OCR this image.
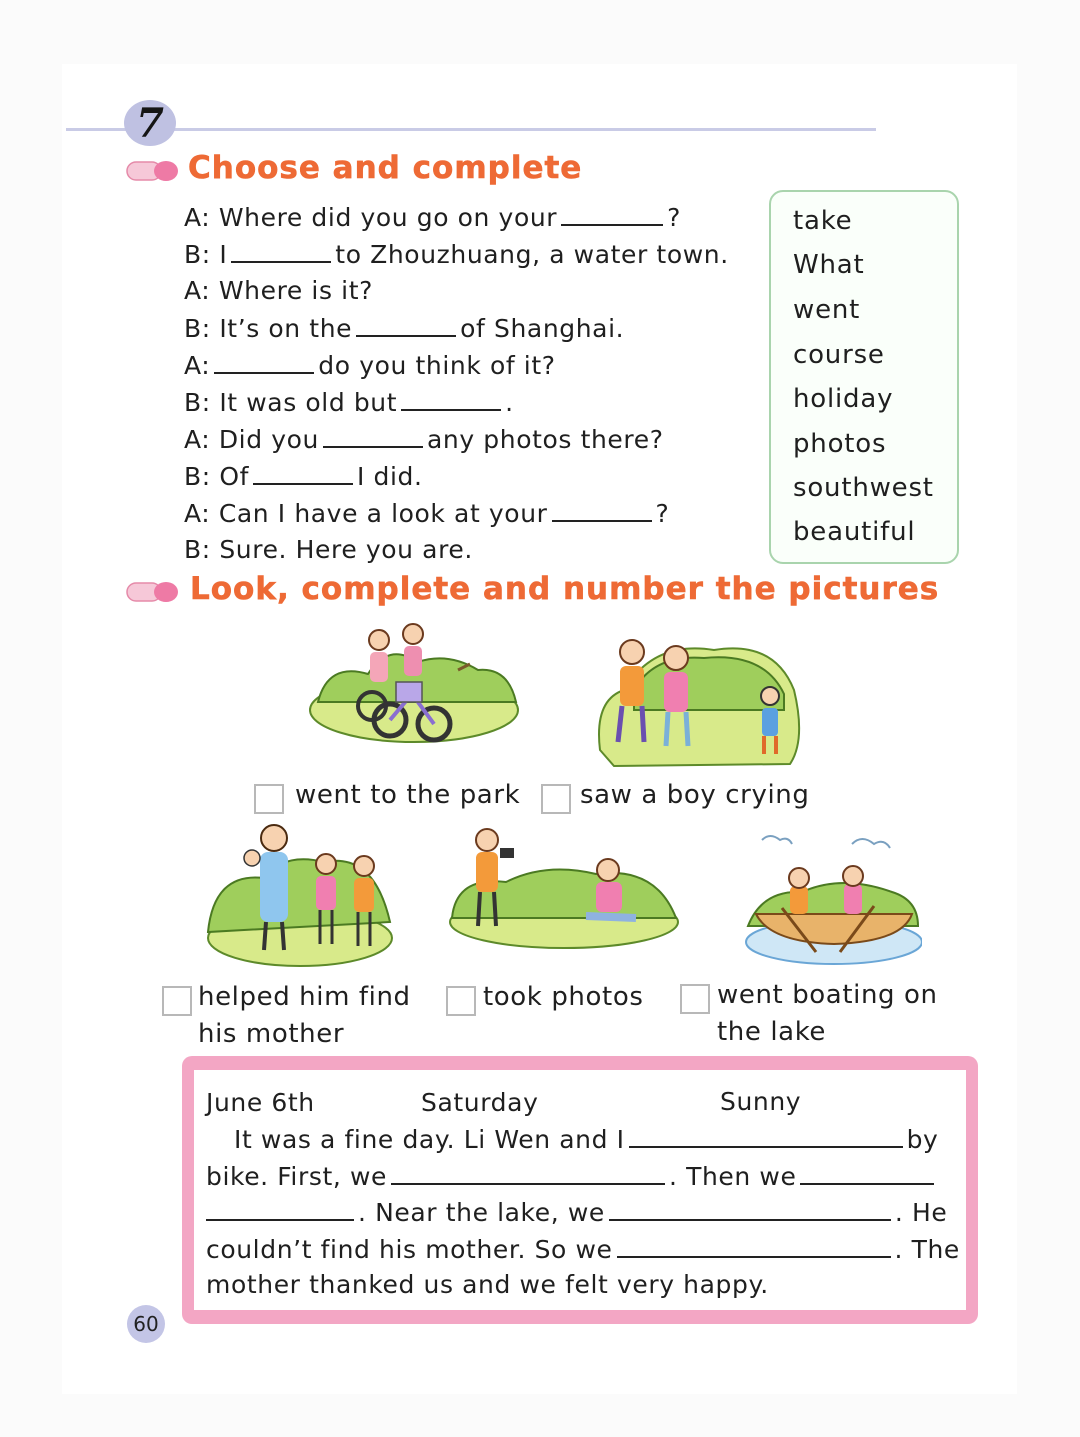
7
Choose and complete
A: Where did you go on your	?
B: I	to Zhouzhuang, a water town.
A: Where is it?
B: It’s on the	of Shanghai.
A:	do you think of it?
B: It was old but	.
A: Did you	any photos there?
B: Of	I did.
A: Can I have a look at your	?
B: Sure. Here you are.
take
What
went
course
holiday
photos
southwest
beautiful
Look, complete and number the pictures
went to the park saw a boy crying
helped him find
his mother
took photos	went boating on
the lake
June 6th	Saturday	Sunny
It was a fine day. Li Wen and I	by
bike. First, we	. Then we
. Near the lake, we	. He
couldn’t find his mother. So we	. The
mother thanked us and we felt very happy.
60
